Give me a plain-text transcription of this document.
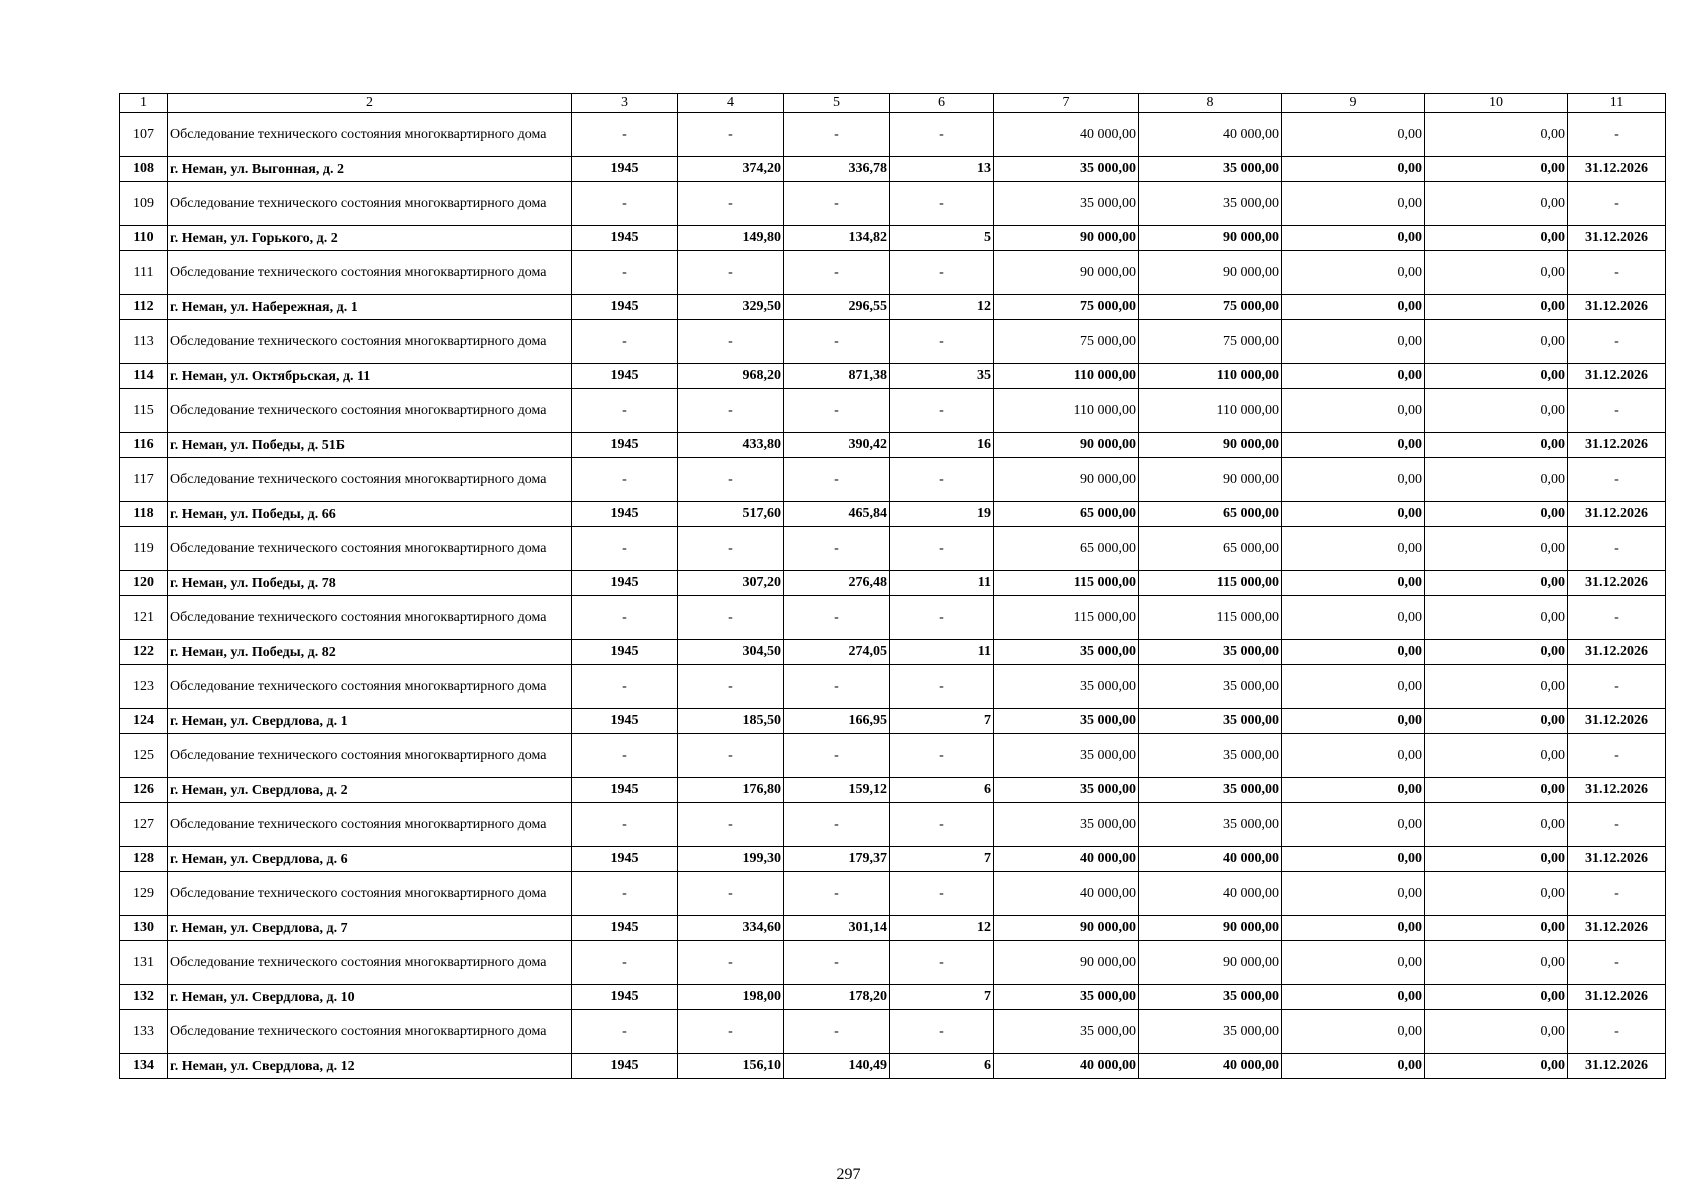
1	2	3	4	5	6	7	8	9	10	11
107	Обследование технического состояния многоквартирного дома	-	-	-	-	40 000,00	40 000,00	0,00	0,00	-
108	г. Неман, ул. Выгонная, д. 2	1945	374,20	336,78	13	35 000,00	35 000,00	0,00	0,00	31.12.2026
109	Обследование технического состояния многоквартирного дома	-	-	-	-	35 000,00	35 000,00	0,00	0,00	-
110	г. Неман, ул. Горького, д. 2	1945	149,80	134,82	5	90 000,00	90 000,00	0,00	0,00	31.12.2026
111	Обследование технического состояния многоквартирного дома	-	-	-	-	90 000,00	90 000,00	0,00	0,00	-
112	г. Неман, ул. Набережная, д. 1	1945	329,50	296,55	12	75 000,00	75 000,00	0,00	0,00	31.12.2026
113	Обследование технического состояния многоквартирного дома	-	-	-	-	75 000,00	75 000,00	0,00	0,00	-
114	г. Неман, ул. Октябрьская, д. 11	1945	968,20	871,38	35	110 000,00	110 000,00	0,00	0,00	31.12.2026
115	Обследование технического состояния многоквартирного дома	-	-	-	-	110 000,00	110 000,00	0,00	0,00	-
116	г. Неман, ул. Победы, д. 51Б	1945	433,80	390,42	16	90 000,00	90 000,00	0,00	0,00	31.12.2026
117	Обследование технического состояния многоквартирного дома	-	-	-	-	90 000,00	90 000,00	0,00	0,00	-
118	г. Неман, ул. Победы, д. 66	1945	517,60	465,84	19	65 000,00	65 000,00	0,00	0,00	31.12.2026
119	Обследование технического состояния многоквартирного дома	-	-	-	-	65 000,00	65 000,00	0,00	0,00	-
120	г. Неман, ул. Победы, д. 78	1945	307,20	276,48	11	115 000,00	115 000,00	0,00	0,00	31.12.2026
121	Обследование технического состояния многоквартирного дома	-	-	-	-	115 000,00	115 000,00	0,00	0,00	-
122	г. Неман, ул. Победы, д. 82	1945	304,50	274,05	11	35 000,00	35 000,00	0,00	0,00	31.12.2026
123	Обследование технического состояния многоквартирного дома	-	-	-	-	35 000,00	35 000,00	0,00	0,00	-
124	г. Неман, ул. Свердлова, д. 1	1945	185,50	166,95	7	35 000,00	35 000,00	0,00	0,00	31.12.2026
125	Обследование технического состояния многоквартирного дома	-	-	-	-	35 000,00	35 000,00	0,00	0,00	-
126	г. Неман, ул. Свердлова, д. 2	1945	176,80	159,12	6	35 000,00	35 000,00	0,00	0,00	31.12.2026
127	Обследование технического состояния многоквартирного дома	-	-	-	-	35 000,00	35 000,00	0,00	0,00	-
128	г. Неман, ул. Свердлова, д. 6	1945	199,30	179,37	7	40 000,00	40 000,00	0,00	0,00	31.12.2026
129	Обследование технического состояния многоквартирного дома	-	-	-	-	40 000,00	40 000,00	0,00	0,00	-
130	г. Неман, ул. Свердлова, д. 7	1945	334,60	301,14	12	90 000,00	90 000,00	0,00	0,00	31.12.2026
131	Обследование технического состояния многоквартирного дома	-	-	-	-	90 000,00	90 000,00	0,00	0,00	-
132	г. Неман, ул. Свердлова, д. 10	1945	198,00	178,20	7	35 000,00	35 000,00	0,00	0,00	31.12.2026
133	Обследование технического состояния многоквартирного дома	-	-	-	-	35 000,00	35 000,00	0,00	0,00	-
134	г. Неман, ул. Свердлова, д. 12	1945	156,10	140,49	6	40 000,00	40 000,00	0,00	0,00	31.12.2026
297
